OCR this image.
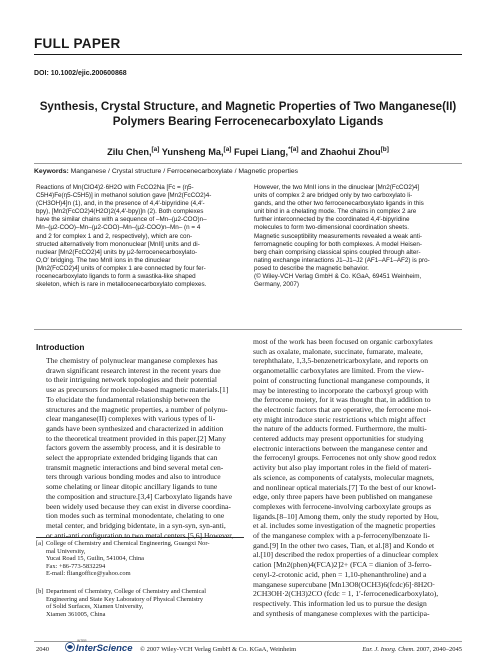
FULL PAPER
DOI: 10.1002/ejic.200600868
Synthesis, Crystal Structure, and Magnetic Properties of Two Manganese(II)
Polymers Bearing Ferrocenecarboxylato Ligands
Zilu Chen,[a] Yunsheng Ma,[a] Fupei Liang,$^{*[a]}$ and Zhaohui Zhou[b]
Keywords: Manganese / Crystal structure / Ferrocenecarboxylate / Magnetic properties
Reactions of Mn(ClO4)2·6H2O with FcCO2Na [Fc = (η5-
C5H4)Fe(η5-C5H5)] in methanol solution gave [Mn2(FcCO2)4-
(CH3OH)4]n (1), and, in the presence of 4,4′-bipyridine (4,4′-
bpy), [Mn2(FcCO2)4(H2O)2(4,4′-bpy)]n (2). Both complexes
have the similar chains with a sequence of –Mn–(μ2-COO)n–
Mn–(μ2-COO)–Mn–(μ2-COO)–Mn–(μ2-COO)n–Mn– (n = 4
and 2 for complex 1 and 2, respectively), which are con-
structed alternatively from mononuclear [MnII] units and di-
nuclear [Mn2(FcCO2)4] units by μ2-ferrocenecarboxylato-
O,O′ bridging. The two MnII ions in the dinuclear
[Mn2(FcCO2)4] units of complex 1 are connected by four fer-
rocenecarboxylato ligands to form a swastika-like shaped
skeleton, which is rare in metallocenecarboxylato complexes.
However, the two MnII ions in the dinuclear [Mn2(FcCO2)4]
units of complex 2 are bridged only by two carboxylato li-
gands, and the other two ferrocenecarboxylato ligands in this
unit bind in a chelating mode. The chains in complex 2 are
further interconnected by the coordinated 4,4′-bipyridine
molecules to form two-dimensional coordination sheets.
Magnetic susceptibility measurements revealed a weak anti-
ferromagnetic coupling for both complexes. A model Heisen-
berg chain comprising classical spins coupled through alter-
nating exchange interactions J1–J1–J2 (AF1–AF1–AF2) is pro-
posed to describe the magnetic behavior.
(© Wiley-VCH Verlag GmbH & Co. KGaA, 69451 Weinheim,
Germany, 2007)
Introduction
The chemistry of polynuclear manganese complexes has
drawn significant research interest in the recent years due
to their intriguing network topologies and their potential
use as precursors for molecule-based magnetic materials.[1]
To elucidate the fundamental relationship between the
structures and the magnetic properties, a number of polynu-
clear manganese(II) complexes with various types of li-
gands have been synthesized and characterized in addition
to the theoretical treatment provided in this paper.[2] Many
factors govern the assembly process, and it is desirable to
select the appropriate extended bridging ligands that can
transmit magnetic interactions and bind several metal cen-
ters through various bonding modes and also to introduce
some chelating or linear ditopic ancillary ligands to tune
the composition and structure.[3,4] Carboxylato ligands have
been widely used because they can exist in diverse coordina-
tion modes such as terminal monodentate, chelating to one
metal center, and bridging bidentate, in a syn-syn, syn-anti,
or anti-anti configuration to two metal centers.[5,6] However,
most of the work has been focused on organic carboxylates
such as oxalate, malonate, succinate, fumarate, maleate,
terephthalate, 1,3,5-benzenetricarboxylate, and reports on
organometallic carboxylates are limited. From the view-
point of constructing functional manganese compounds, it
may be interesting to incorporate the carboxyl group with
the ferrocene moiety, for it was thought that, in addition to
the electronic factors that are operative, the ferrocene moi-
ety might introduce steric restrictions which might affect
the nature of the adducts formed. Furthermore, the multi-
centered adducts may present opportunities for studying
electronic interactions between the manganese center and
the ferrocenyl groups. Ferrocenes not only show good redox
activity but also play important roles in the field of materi-
als science, as components of catalysts, molecular magnets,
and nonlinear optical materials.[7] To the best of our knowl-
edge, only three papers have been published on manganese
complexes with ferrocene-involving carboxylate groups as
ligands.[8–10] Among them, only the study reported by Hou,
et al. includes some investigation of the magnetic properties
of the manganese complex with a p-ferrocenylbenzoate li-
gand.[9] In the other two cases, Tian, et al.[8] and Kondo et
al.[10] described the redox properties of a dinuclear complex
cation [Mn2(phen)4(FCA)2]2+ (FCA = dianion of 3-ferro-
cenyl-2-crotonic acid, phen = 1,10-phenanthroline) and a
manganese supercubane [Mn13O8(OCH3)6(fcdc)6]·8H2O·
2CH3OH·2(CH3)2CO (fcdc = 1, 1′-ferrocenedicarboxylato),
respectively. This information led us to pursue the design
and synthesis of manganese complexes with the participa-
[a] College of Chemistry and Chemical Engineering, Guangxi Nor-
mal University,
Yucai Road 15, Guilin, 541004, China
Fax: +86-773-5832294
E-mail: fliangoffice@yahoo.com
[b] Department of Chemistry, College of Chemistry and Chemical
Engineering and State Key Laboratory of Physical Chemistry
of Solid Surfaces, Xiamen University,
Xiamen 361005, China
2040
INTER
InterScience © 2007 Wiley-VCH Verlag GmbH & Co. KGaA, Weinheim	Eur. J. Inorg. Chem. 2007, 2040–2045
